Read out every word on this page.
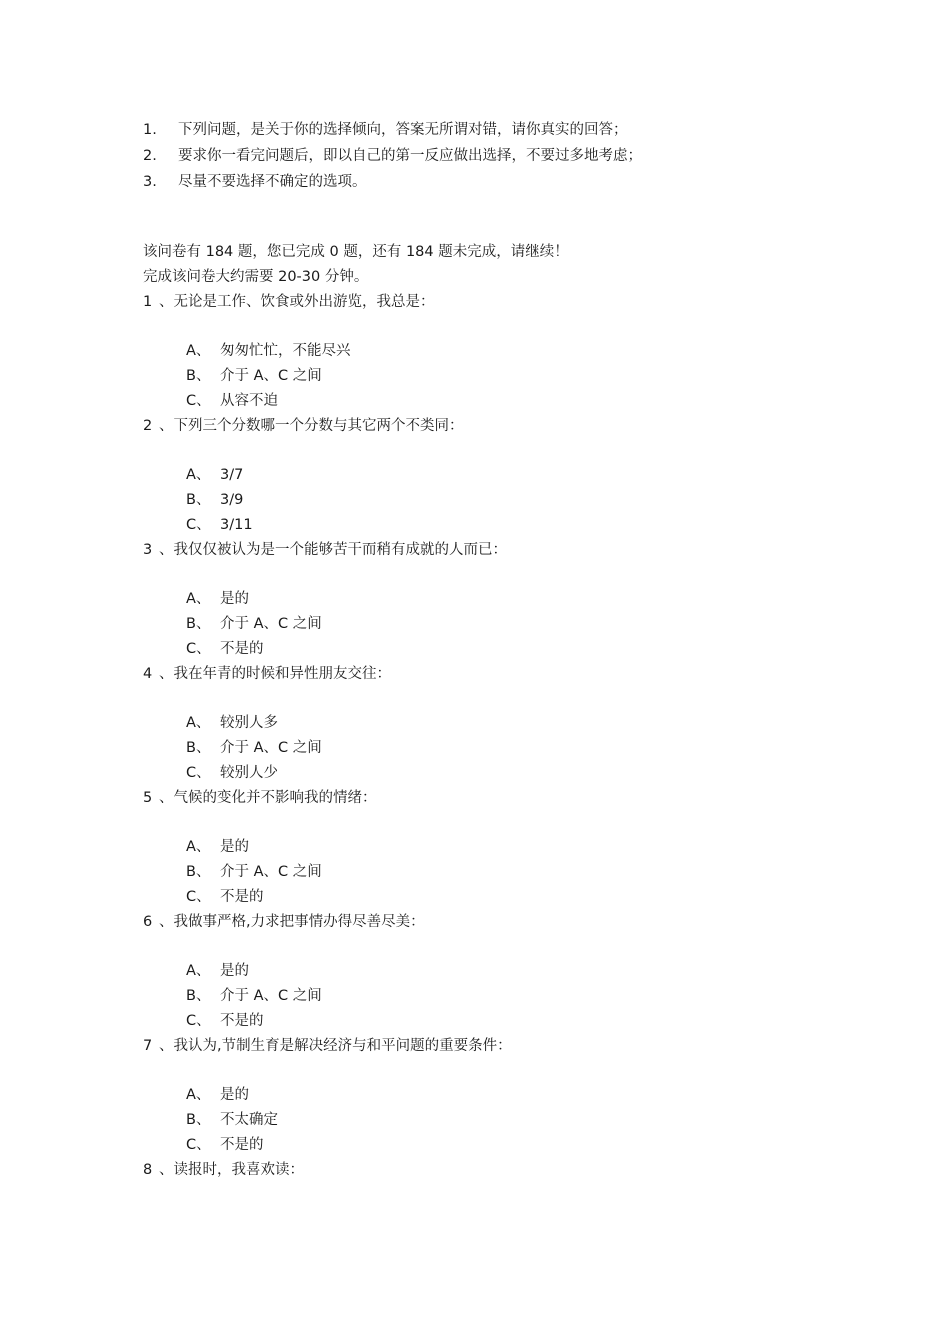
1. 下列问题，是关于你的选择倾向，答案无所谓对错，请你真实的回答；
2. 要求你一看完问题后，即以自己的第一反应做出选择，不要过多地考虑；
3. 尽量不要选择不确定的选项。
该问卷有 184 题，您已完成 0 题，还有 184 题未完成，请继续！
完成该问卷大约需要 20-30 分钟。
1 、无论是工作、饮食或外出游览，我总是：
A、 匆匆忙忙，不能尽兴
B、 介于 A、C 之间
C、 从容不迫
2 、下列三个分数哪一个分数与其它两个不类同：
A、 3/7
B、 3/9
C、 3/11
3 、我仅仅被认为是一个能够苦干而稍有成就的人而已：
A、 是的
B、 介于 A、C 之间
C、 不是的
4 、我在年青的时候和异性朋友交往：
A、 较别人多
B、 介于 A、C 之间
C、 较别人少
5 、气候的变化并不影响我的情绪：
A、 是的
B、 介于 A、C 之间
C、 不是的
6 、我做事严格,力求把事情办得尽善尽美：
A、 是的
B、 介于 A、C 之间
C、 不是的
7 、我认为,节制生育是解决经济与和平问题的重要条件：
A、 是的
B、 不太确定
C、 不是的
8 、读报时，我喜欢读：
